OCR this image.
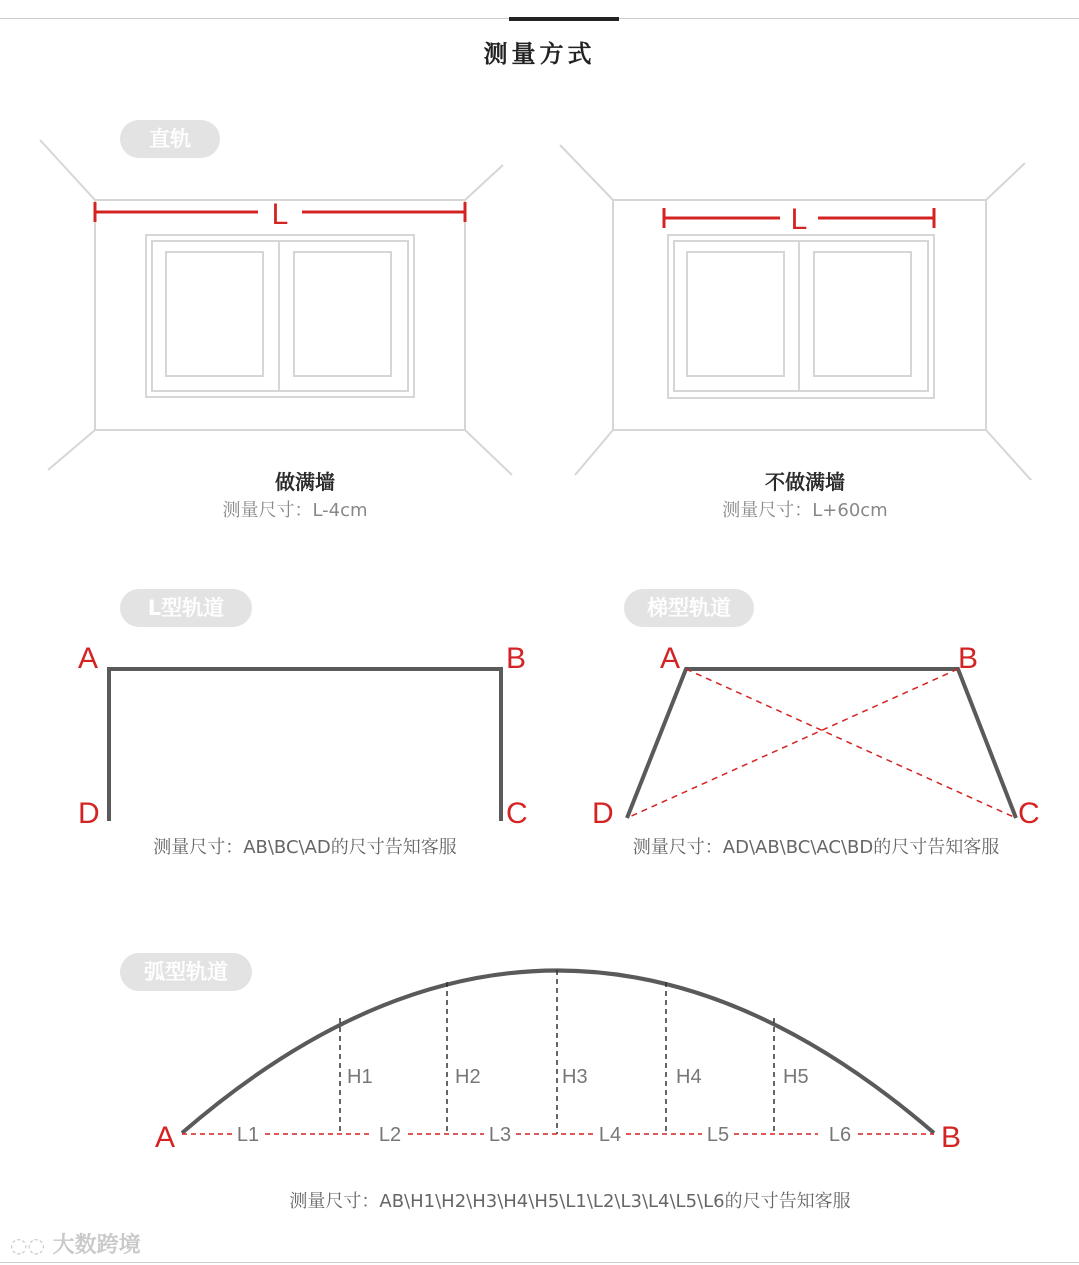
测量方式
直轨
L	L
做满墙
测量尺寸：L-4cm
不做满墙
测量尺寸：L+60cm
L型轨道
A	B
C
D
测量尺寸：AB\BC\AD的尺寸告知客服
梯型轨道
A	B
C
D
测量尺寸：AD\AB\BC\AC\BD的尺寸告知客服
弧型轨道
H1	H2	H3	H4	H5
L1	L2	L3	L4	L5	L6
A	B
测量尺寸：AB\H1\H2\H3\H4\H5\L1\L2\L3\L4\L5\L6的尺寸告知客服
◌◌ 大数跨境
